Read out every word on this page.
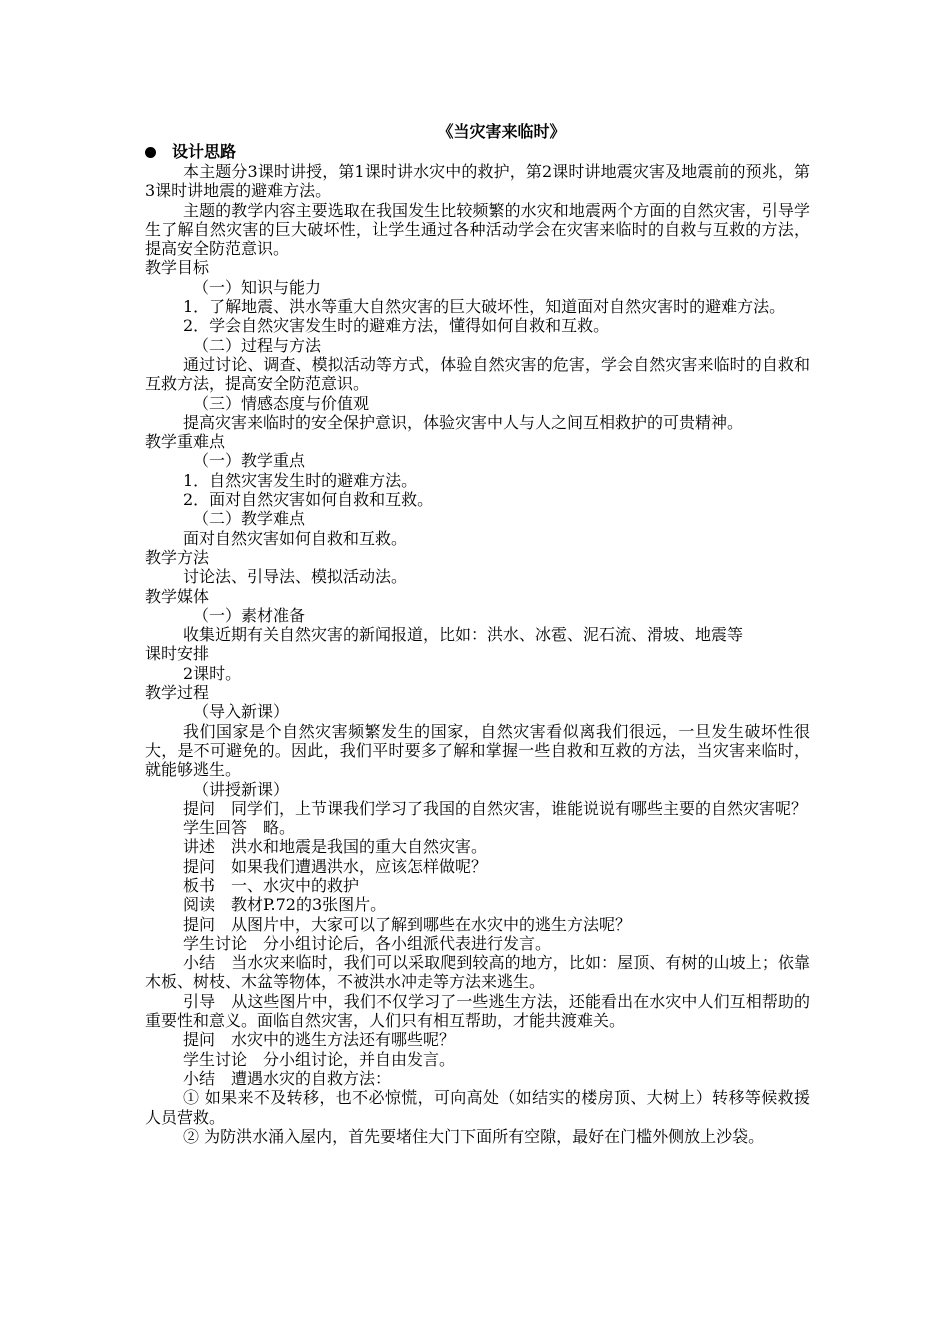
《当灾害来临时》
设计思路

本主题分3课时讲授，第1课时讲水灾中的救护，第2课时讲地震灾害及地震前的预兆，第3课时讲地震的避难方法。

主题的教学内容主要选取在我国发生比较频繁的水灾和地震两个方面的自然灾害，引导学生了解自然灾害的巨大破坏性，让学生通过各种活动学会在灾害来临时的自救与互救的方法，提高安全防范意识。

教学目标

（一）知识与能力

1．了解地震、洪水等重大自然灾害的巨大破坏性，知道面对自然灾害时的避难方法。

2．学会自然灾害发生时的避难方法，懂得如何自救和互救。

（二）过程与方法

通过讨论、调查、模拟活动等方式，体验自然灾害的危害，学会自然灾害来临时的自救和互救方法，提高安全防范意识。

（三）情感态度与价值观

提高灾害来临时的安全保护意识，体验灾害中人与人之间互相救护的可贵精神。

教学重难点

（一）教学重点

1．自然灾害发生时的避难方法。

2．面对自然灾害如何自救和互救。

（二）教学难点

面对自然灾害如何自救和互救。

教学方法

讨论法、引导法、模拟活动法。

教学媒体

（一）素材准备

收集近期有关自然灾害的新闻报道，比如：洪水、冰雹、泥石流、滑坡、地震等

课时安排

2课时。

教学过程

（导入新课）

我们国家是个自然灾害频繁发生的国家，自然灾害看似离我们很远，一旦发生破坏性很大，是不可避免的。因此，我们平时要多了解和掌握一些自救和互救的方法，当灾害来临时，就能够逃生。

（讲授新课）

提问　同学们，上节课我们学习了我国的自然灾害，谁能说说有哪些主要的自然灾害呢？

学生回答　略。

讲述　洪水和地震是我国的重大自然灾害。

提问　如果我们遭遇洪水，应该怎样做呢？

板书　一、水灾中的救护

阅读　教材P.72的3张图片。

提问　从图片中，大家可以了解到哪些在水灾中的逃生方法呢？

学生讨论　分小组讨论后，各小组派代表进行发言。

小结　当水灾来临时，我们可以采取爬到较高的地方，比如：屋顶、有树的山坡上；依靠木板、树枝、木盆等物体，不被洪水冲走等方法来逃生。

引导　从这些图片中，我们不仅学习了一些逃生方法，还能看出在水灾中人们互相帮助的重要性和意义。面临自然灾害，人们只有相互帮助，才能共渡难关。

提问　水灾中的逃生方法还有哪些呢？

学生讨论　分小组讨论，并自由发言。

小结　遭遇水灾的自救方法：

① 如果来不及转移，也不必惊慌，可向高处（如结实的楼房顶、大树上）转移等候救援人员营救。

② 为防洪水涌入屋内，首先要堵住大门下面所有空隙，最好在门槛外侧放上沙袋。
